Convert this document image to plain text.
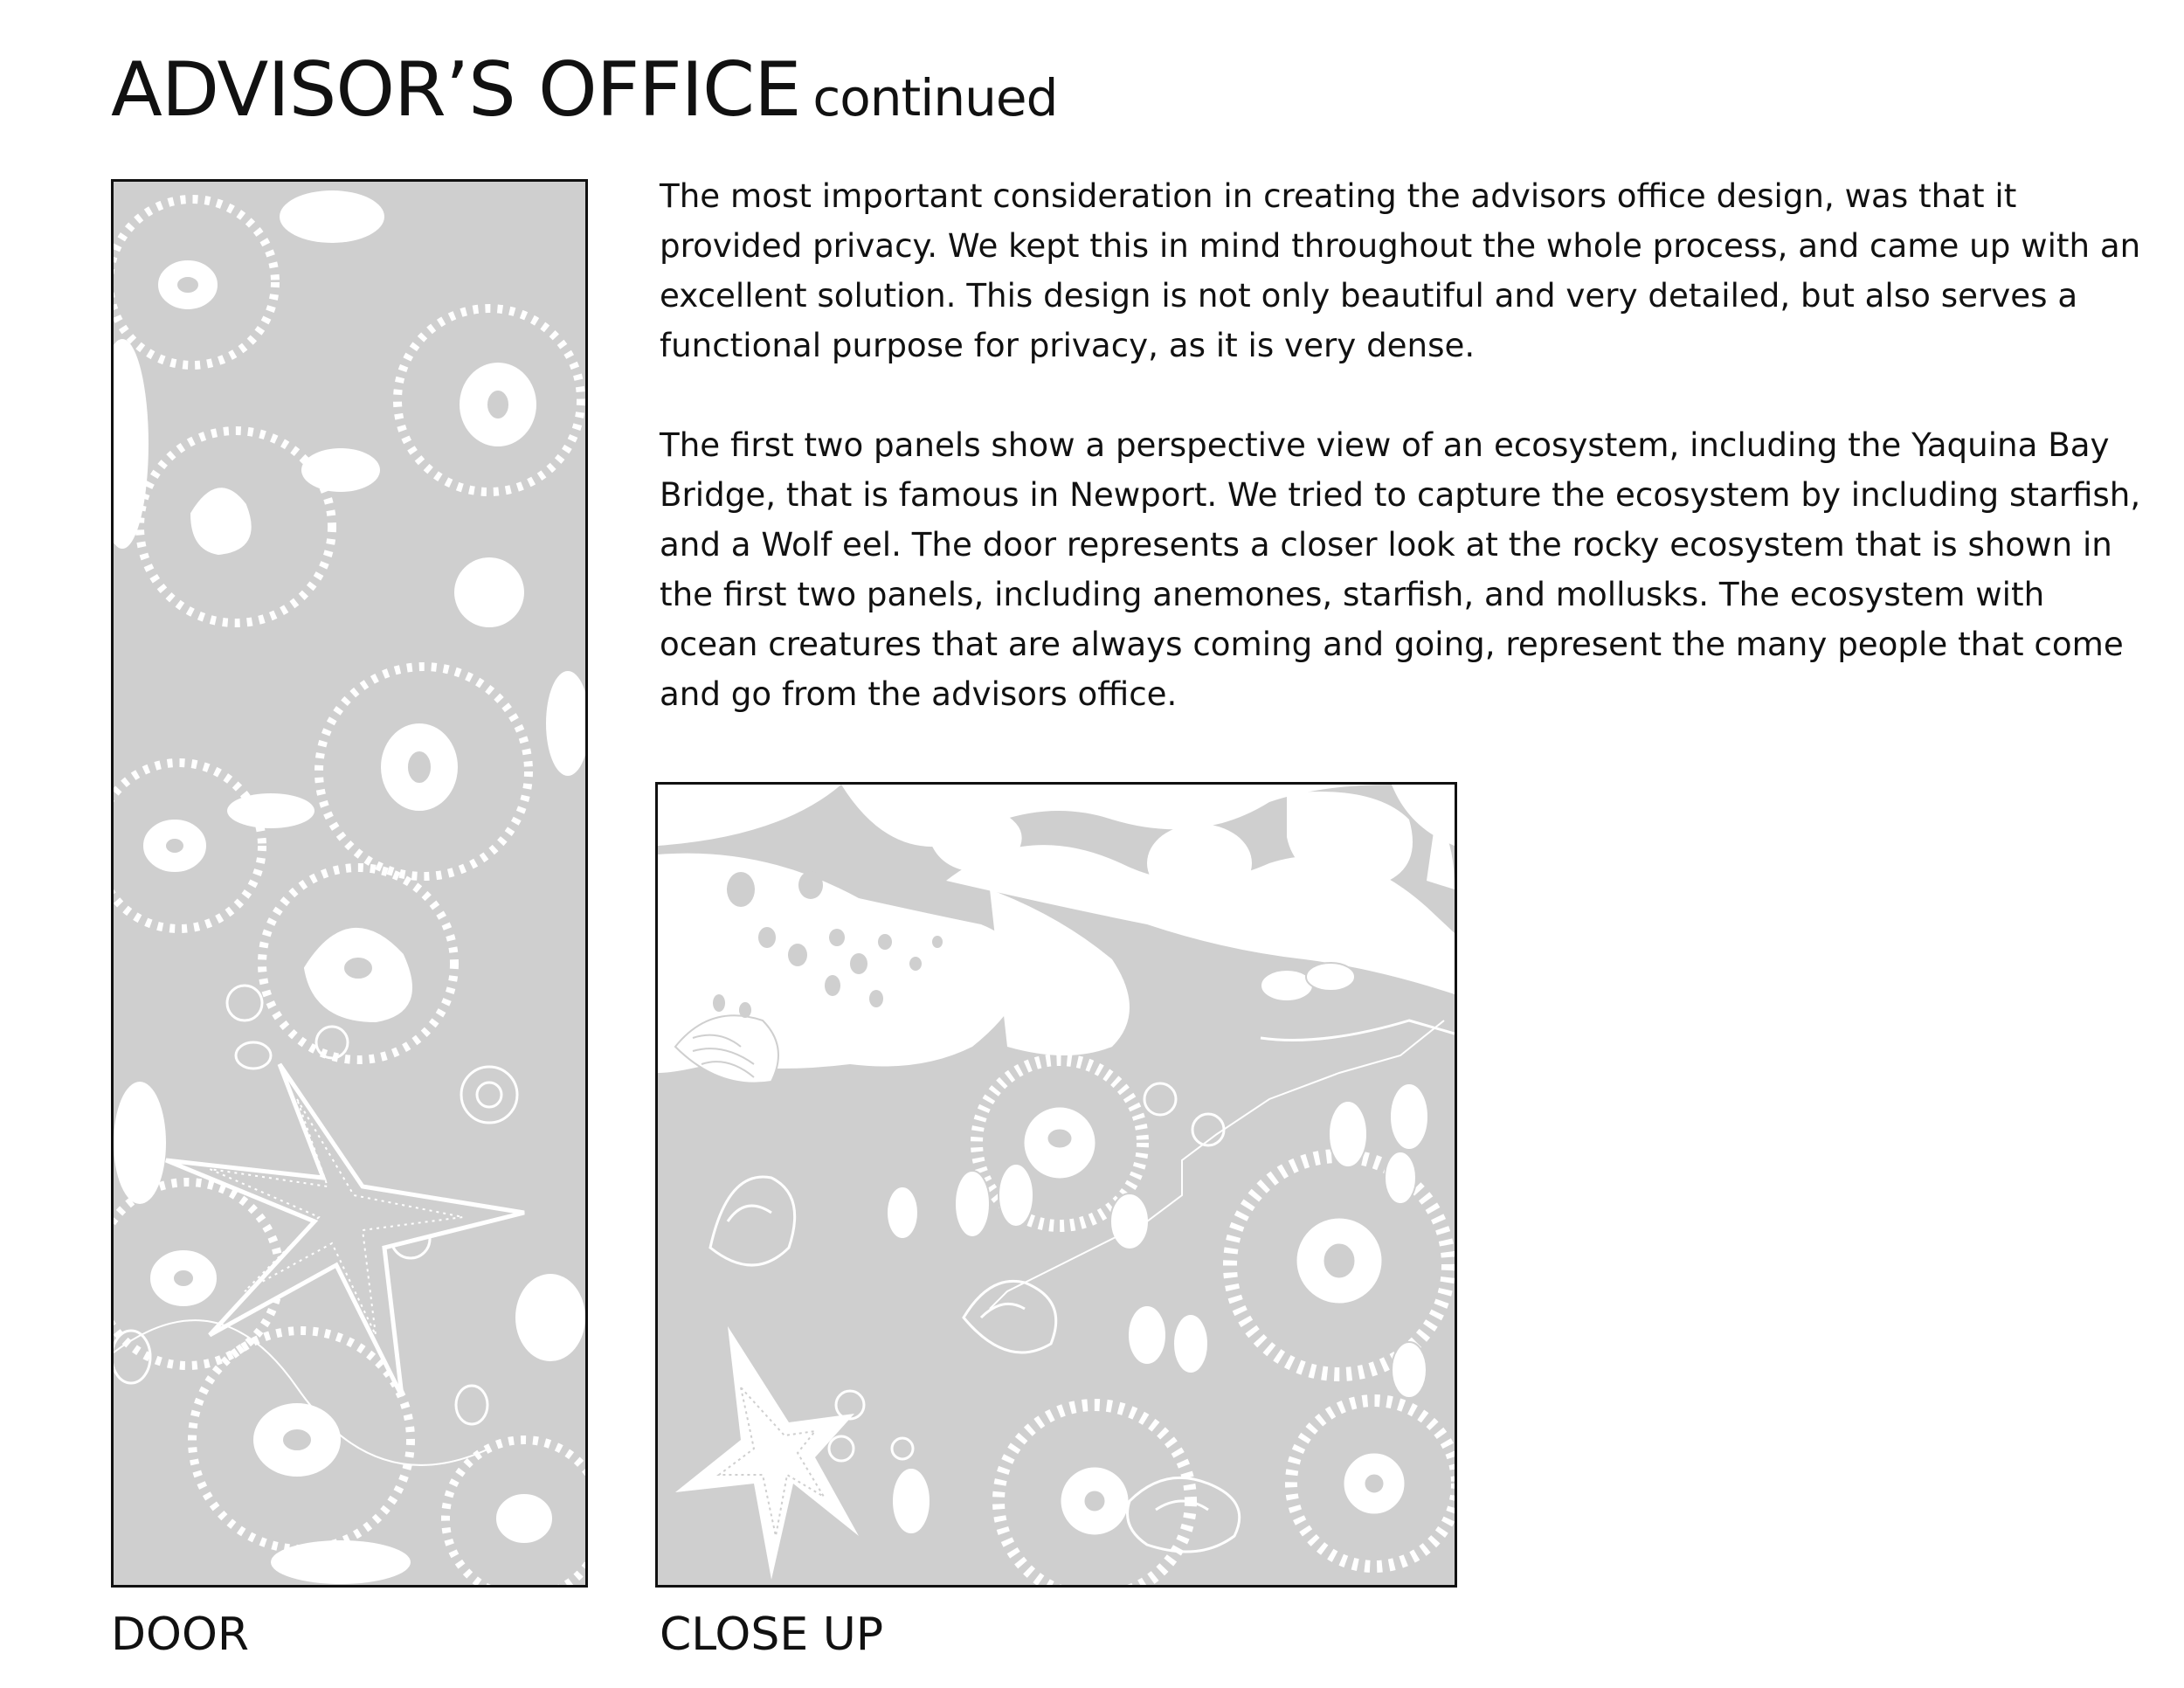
ADVISOR’S OFFICE continued

The most important consideration in creating the advisors office design, was that it provided privacy. We kept this in mind throughout the whole process, and came up with an excellent solution. This design is not only beautiful and very detailed, but also serves a functional purpose for privacy, as it is very dense.

The first two panels show a perspective view of an ecosystem, including the Yaquina Bay Bridge, that is famous in Newport. We tried to capture the ecosystem by including starfish, and a Wolf eel. The door represents a closer look at the rocky ecosystem that is shown in the first two panels, including anemones, starfish, and mollusks. The ecosystem with ocean creatures that are always coming and going, represent the many people that come and go from the advisors office.

DOOR	CLOSE UP
